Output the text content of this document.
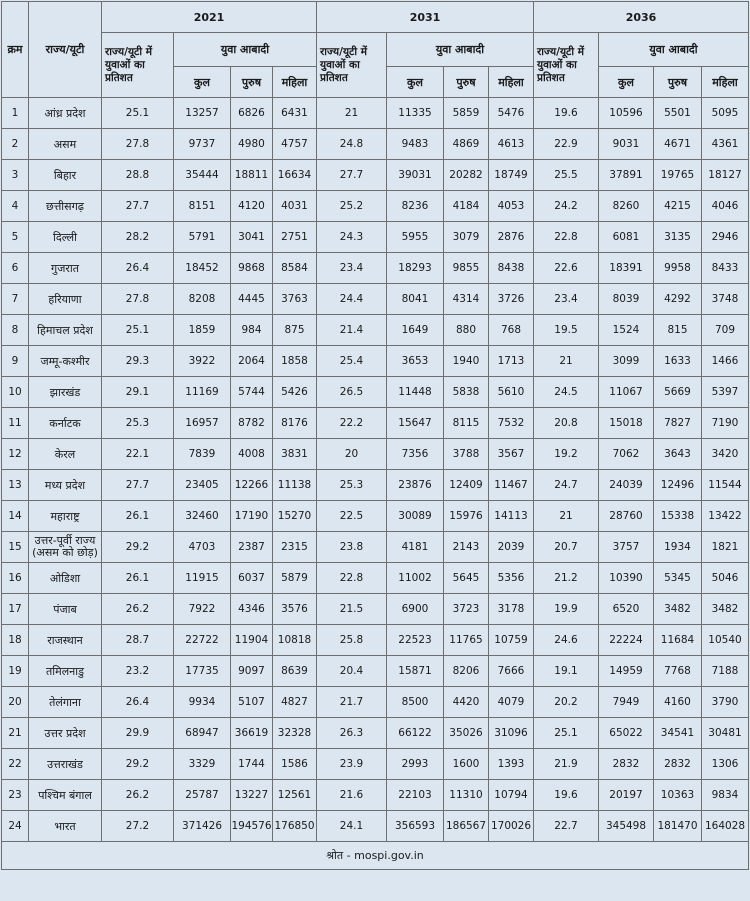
क्रम	राज्य/यूटी	2021				2031				2036			
		राज्य/यूटी में युवाओं का प्रतिशत	युवा आबादी			राज्य/यूटी में युवाओं का प्रतिशत	युवा आबादी			राज्य/यूटी में युवाओं का प्रतिशत	युवा आबादी		
			कुल	पुरुष	महिला		कुल	पुरुष	महिला		कुल	पुरुष	महिला
1	आंध्र प्रदेश	25.1	13257	6826	6431	21	11335	5859	5476	19.6	10596	5501	5095
2	असम	27.8	9737	4980	4757	24.8	9483	4869	4613	22.9	9031	4671	4361
3	बिहार	28.8	35444	18811	16634	27.7	39031	20282	18749	25.5	37891	19765	18127
4	छत्तीसगढ़	27.7	8151	4120	4031	25.2	8236	4184	4053	24.2	8260	4215	4046
5	दिल्ली	28.2	5791	3041	2751	24.3	5955	3079	2876	22.8	6081	3135	2946
6	गुजरात	26.4	18452	9868	8584	23.4	18293	9855	8438	22.6	18391	9958	8433
7	हरियाणा	27.8	8208	4445	3763	24.4	8041	4314	3726	23.4	8039	4292	3748
8	हिमाचल प्रदेश	25.1	1859	984	875	21.4	1649	880	768	19.5	1524	815	709
9	जम्मू-कश्मीर	29.3	3922	2064	1858	25.4	3653	1940	1713	21	3099	1633	1466
10	झारखंड	29.1	11169	5744	5426	26.5	11448	5838	5610	24.5	11067	5669	5397
11	कर्नाटक	25.3	16957	8782	8176	22.2	15647	8115	7532	20.8	15018	7827	7190
12	केरल	22.1	7839	4008	3831	20	7356	3788	3567	19.2	7062	3643	3420
13	मध्य प्रदेश	27.7	23405	12266	11138	25.3	23876	12409	11467	24.7	24039	12496	11544
14	महाराष्ट्र	26.1	32460	17190	15270	22.5	30089	15976	14113	21	28760	15338	13422
15	उत्तर-पूर्वी राज्य (असम को छोड़)	29.2	4703	2387	2315	23.8	4181	2143	2039	20.7	3757	1934	1821
16	ओडिशा	26.1	11915	6037	5879	22.8	11002	5645	5356	21.2	10390	5345	5046
17	पंजाब	26.2	7922	4346	3576	21.5	6900	3723	3178	19.9	6520	3482	3482
18	राजस्थान	28.7	22722	11904	10818	25.8	22523	11765	10759	24.6	22224	11684	10540
19	तमिलनाडु	23.2	17735	9097	8639	20.4	15871	8206	7666	19.1	14959	7768	7188
20	तेलंगाना	26.4	9934	5107	4827	21.7	8500	4420	4079	20.2	7949	4160	3790
21	उत्तर प्रदेश	29.9	68947	36619	32328	26.3	66122	35026	31096	25.1	65022	34541	30481
22	उत्तराखंड	29.2	3329	1744	1586	23.9	2993	1600	1393	21.9	2832	2832	1306
23	पश्चिम बंगाल	26.2	25787	13227	12561	21.6	22103	11310	10794	19.6	20197	10363	9834
24	भारत	27.2	371426	194576	176850	24.1	356593	186567	170026	22.7	345498	181470	164028
श्रोत - mospi.gov.in													
